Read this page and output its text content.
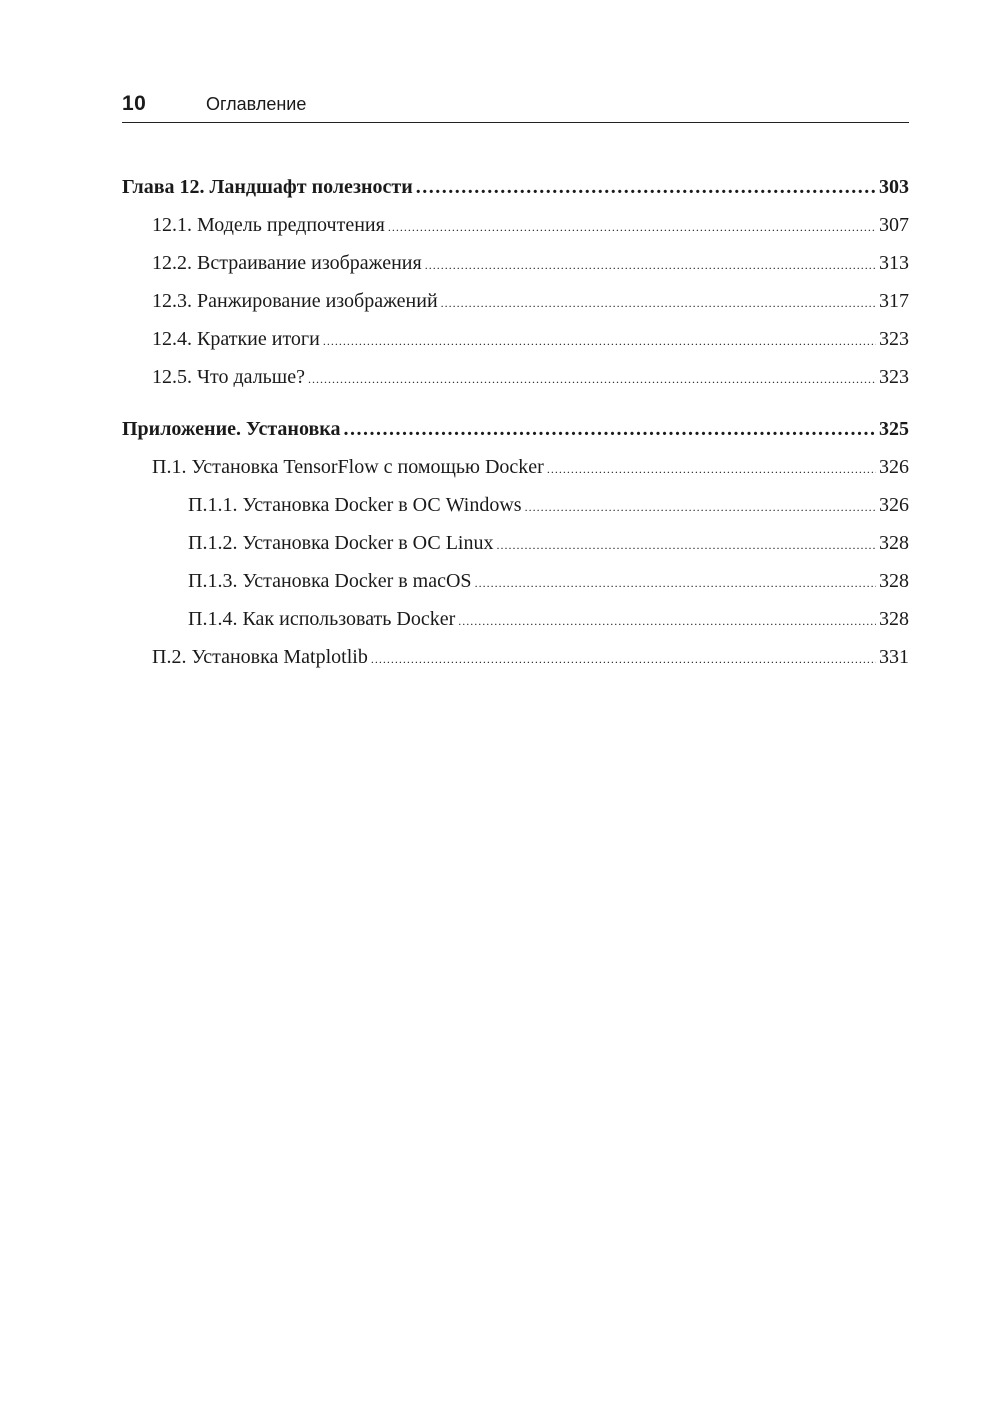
10	Оглавление
Глава 12. Ландшафт полезности .....	303
12.1. Модель предпочтения .....	307
12.2. Встраивание изображения .....	313
12.3. Ранжирование изображений .....	317
12.4. Краткие итоги .....	323
12.5. Что дальше? .....	323
Приложение. Установка .....	325
П.1. Установка TensorFlow с помощью Docker .....	326
П.1.1. Установка Docker в ОС Windows .....	326
П.1.2. Установка Docker в ОС Linux .....	328
П.1.3. Установка Docker в macOS .....	328
П.1.4. Как использовать Docker .....	328
П.2. Установка Matplotlib .....	331
